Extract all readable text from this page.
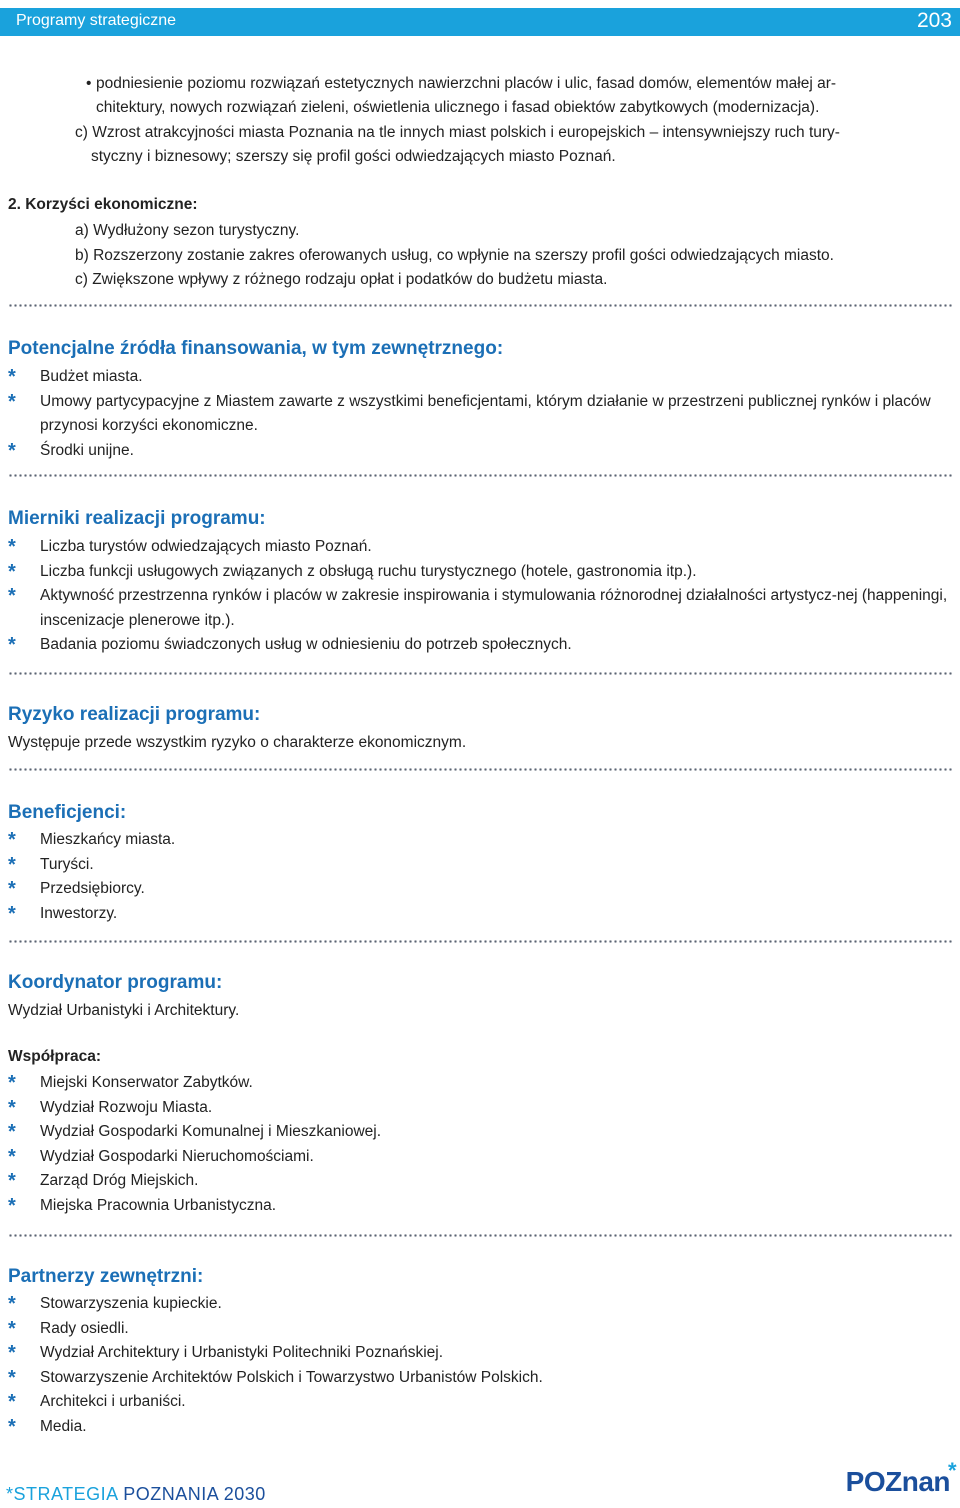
Programy strategiczne	203
• podniesienie poziomu rozwiązań estetycznych nawierzchni placów i ulic, fasad domów, elementów małej ar-
chitektury, nowych rozwiązań zieleni, oświetlenia ulicznego i fasad obiektów zabytkowych (modernizacja).
c) Wzrost atrakcyjności miasta Poznania na tle innych miast polskich i europejskich – intensywniejszy ruch tury-
styczny i biznesowy; szerszy się profil gości odwiedzających miasto Poznań.
2. Korzyści ekonomiczne:
a) Wydłużony sezon turystyczny.
b) Rozszerzony zostanie zakres oferowanych usług, co wpłynie na szerszy profil gości odwiedzających miasto.
c) Zwiększone wpływy z różnego rodzaju opłat i podatków do budżetu miasta.
Potencjalne źródła finansowania, w tym zewnętrznego:
* Budżet miasta.
* Umowy partycypacyjne z Miastem zawarte z wszystkimi beneficjentami, którym działanie w przestrzeni publicznej rynków i placów przynosi korzyści ekonomiczne.
* Środki unijne.
Mierniki realizacji programu:
* Liczba turystów odwiedzających miasto Poznań.
* Liczba funkcji usługowych związanych z obsługą ruchu turystycznego (hotele, gastronomia itp.).
* Aktywność przestrzenna rynków i placów w zakresie inspirowania i stymulowania różnorodnej działalności artystycz-nej (happeningi, inscenizacje plenerowe itp.).
* Badania poziomu świadczonych usług w odniesieniu do potrzeb społecznych.
Ryzyko realizacji programu:
Występuje przede wszystkim ryzyko o charakterze ekonomicznym.
Beneficjenci:
* Mieszkańcy miasta.
* Turyści.
* Przedsiębiorcy.
* Inwestorzy.
Koordynator programu:
Wydział Urbanistyki i Architektury.
Współpraca:
* Miejski Konserwator Zabytków.
* Wydział Rozwoju Miasta.
* Wydział Gospodarki Komunalnej i Mieszkaniowej.
* Wydział Gospodarki Nieruchomościami.
* Zarząd Dróg Miejskich.
* Miejska Pracownia Urbanistyczna.
Partnerzy zewnętrzni:
* Stowarzyszenia kupieckie.
* Rady osiedli.
* Wydział Architektury i Urbanistyki Politechniki Poznańskiej.
* Stowarzyszenie Architektów Polskich i Towarzystwo Urbanistów Polskich.
* Architekci i urbaniści.
* Media.
*STRATEGIA POZNANIA 2030	POZnan
*
